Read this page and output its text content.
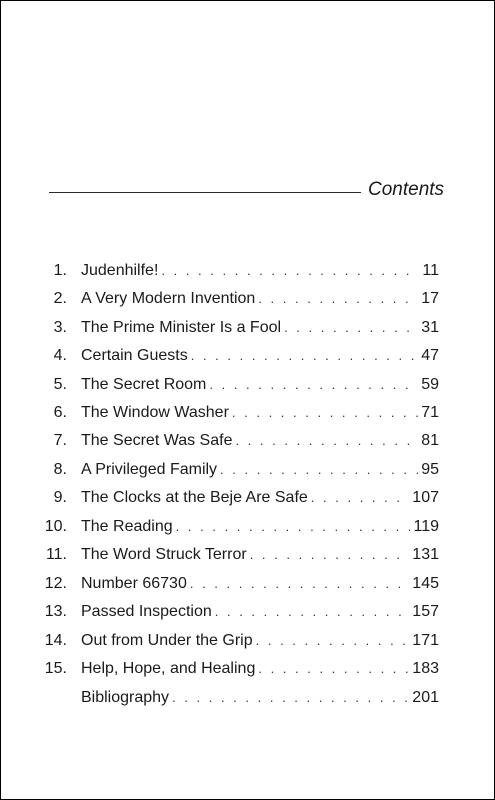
Contents
1. Judenhilfe! . . .	11
2. A Very Modern Invention . . .	17
3. The Prime Minister Is a Fool . . .	31
4. Certain Guests . . .	47
5. The Secret Room . . .	59
6. The Window Washer . . .	71
7. The Secret Was Safe . . .	81
8. A Privileged Family . . .	95
9. The Clocks at the Beje Are Safe . . .	107
10. The Reading . . .	119
11. The Word Struck Terror . . .	131
12. Number 66730 . . .	145
13. Passed Inspection . . .	157
14. Out from Under the Grip . . .	171
15. Help, Hope, and Healing . . .	183
Bibliography . . .	201
